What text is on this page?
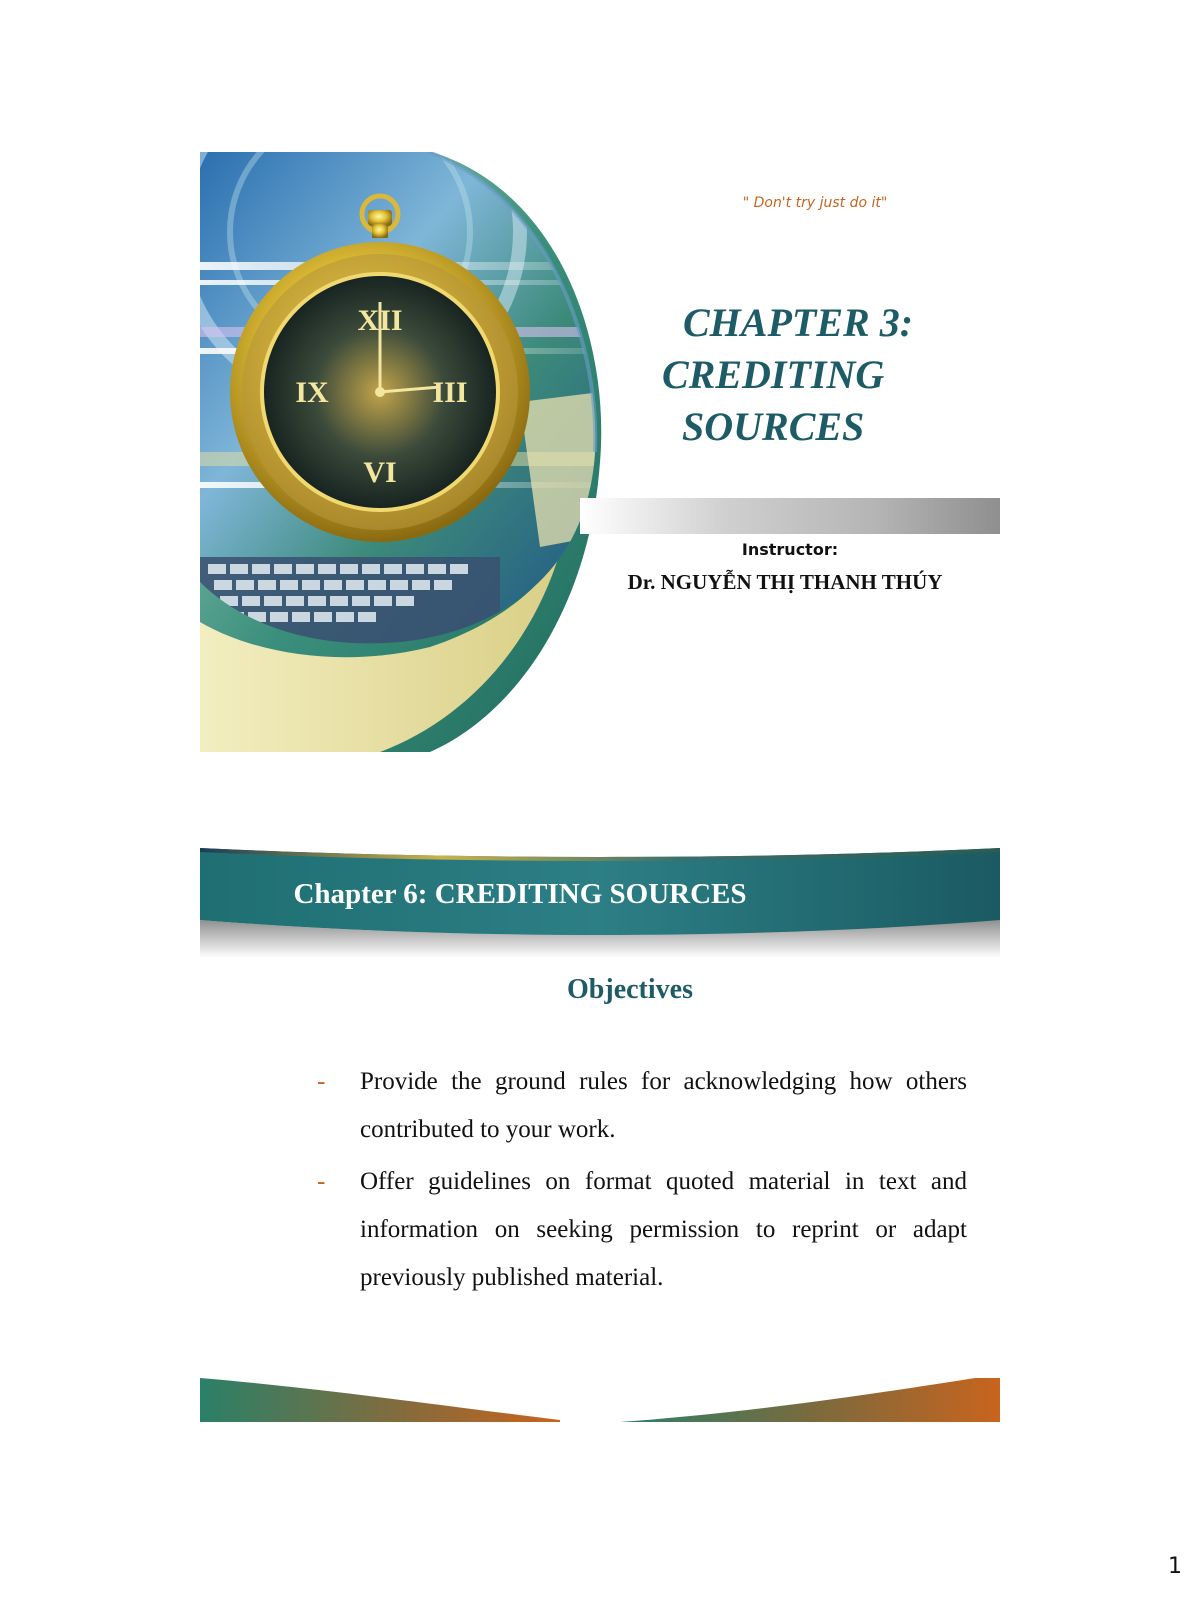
XII
III
VI
IX
" Don't try just do it"
CHAPTER 3:
CREDITING
SOURCES
Instructor:
Dr. NGUYỄN THỊ THANH THÚY
Chapter 6: CREDITING SOURCES
Objectives
- Provide the ground rules for acknowledging how others contributed to your work.
- Offer guidelines on format quoted material in text and information on seeking permission to reprint or adapt previously published material.
1
